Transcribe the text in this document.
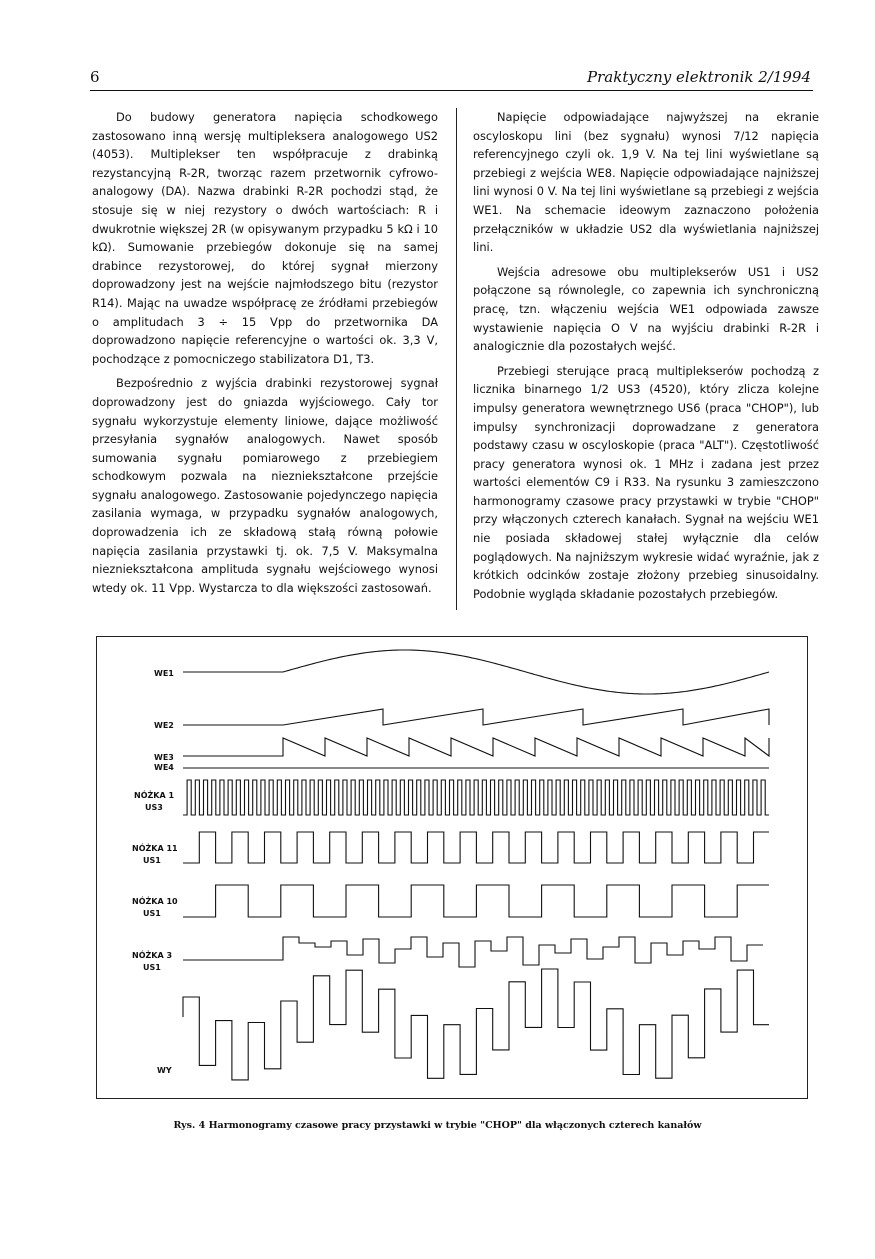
6	Praktyczny elektronik 2/1994

Do budowy generatora napięcia schodkowego zastosowano inną wersję multipleksera analogowego US2 (4053). Multiplekser ten współpracuje z drabinką rezystancyjną R-2R, tworząc razem przetwornik cyfrowo-analogowy (DA). Nazwa drabinki R-2R pochodzi stąd, że stosuje się w niej rezystory o dwóch wartościach: R i dwukrotnie większej 2R (w opisywanym przypadku 5 kΩ i 10 kΩ). Sumowanie przebiegów dokonuje się na samej drabince rezystorowej, do której sygnał mierzony doprowadzony jest na wejście najmłodszego bitu (rezystor R14). Mając na uwadze współpracę ze źródłami przebiegów o amplitudach 3 ÷ 15 Vpp do przetwornika DA doprowadzono napięcie referencyjne o wartości ok. 3,3 V, pochodzące z pomocniczego stabilizatora D1, T3.

Bezpośrednio z wyjścia drabinki rezystorowej sygnał doprowadzony jest do gniazda wyjściowego. Cały tor sygnału wykorzystuje elementy liniowe, dające możliwość przesyłania sygnałów analogowych. Nawet sposób sumowania sygnału pomiarowego z przebiegiem schodkowym pozwala na niezniekształcone przejście sygnału analogowego. Zastosowanie pojedynczego napięcia zasilania wymaga, w przypadku sygnałów analogowych, doprowadzenia ich ze składową stałą równą połowie napięcia zasilania przystawki tj. ok. 7,5 V. Maksymalna niezniekształcona amplituda sygnału wejściowego wynosi wtedy ok. 11 Vpp. Wystarcza to dla większości zastosowań.

Napięcie odpowiadające najwyższej na ekranie oscyloskopu lini (bez sygnału) wynosi 7/12 napięcia referencyjnego czyli ok. 1,9 V. Na tej lini wyświetlane są przebiegi z wejścia WE8. Napięcie odpowiadające najniższej lini wynosi 0 V. Na tej lini wyświetlane są przebiegi z wejścia WE1. Na schemacie ideowym zaznaczono położenia przełączników w układzie US2 dla wyświetlania najniższej lini.

Wejścia adresowe obu multiplekserów US1 i US2 połączone są równolegle, co zapewnia ich synchroniczną pracę, tzn. włączeniu wejścia WE1 odpowiada zawsze wystawienie napięcia O V na wyjściu drabinki R-2R i analogicznie dla pozostałych wejść.

Przebiegi sterujące pracą multiplekserów pochodzą z licznika binarnego 1/2 US3 (4520), który zlicza kolejne impulsy generatora wewnętrznego US6 (praca "CHOP"), lub impulsy synchronizacji doprowadzane z generatora podstawy czasu w oscyloskopie (praca "ALT"). Częstotliwość pracy generatora wynosi ok. 1 MHz i zadana jest przez wartości elementów C9 i R33. Na rysunku 3 zamieszczono harmonogramy czasowe pracy przystawki w trybie "CHOP" przy włączonych czterech kanałach. Sygnał na wejściu WE1 nie posiada składowej stałej wyłącznie dla celów poglądowych. Na najniższym wykresie widać wyraźnie, jak z krótkich odcinków zostaje złożony przebieg sinusoidalny. Podobnie wygląda składanie pozostałych przebiegów.

WE1
WE2
WE3
WE4
NÓŻKA 1
US3
NÓŻKA 11
US1
NÓŻKA 10
US1
NÓŻKA 3
US1
WY
Rys. 4 Harmonogramy czasowe pracy przystawki w trybie "CHOP" dla włączonych czterech kanałów
